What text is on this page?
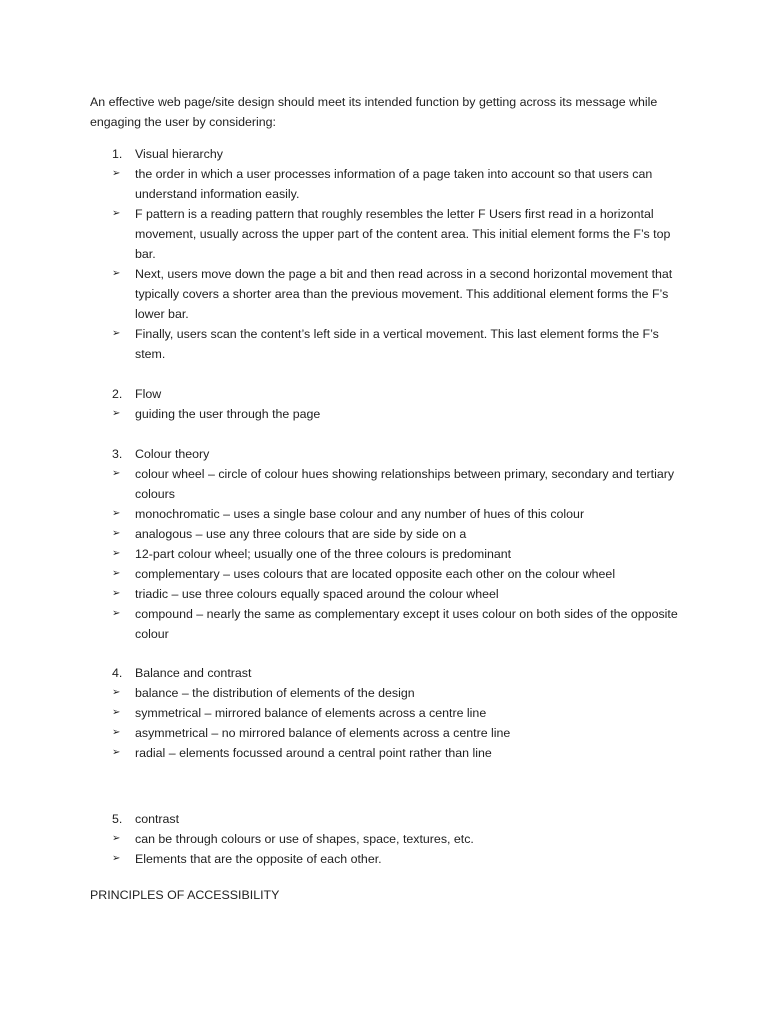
An effective web page/site design should meet its intended function by getting across its message while engaging the user by considering:

1.	Visual hierarchy
➢	the order in which a user processes information of a page taken into account so that users can understand information easily.
➢	F pattern is a reading pattern that roughly resembles the letter F Users first read in a horizontal movement, usually across the upper part of the content area. This initial element forms the F’s top bar.
➢	Next, users move down the page a bit and then read across in a second horizontal movement that typically covers a shorter area than the previous movement. This additional element forms the F’s lower bar.
➢	Finally, users scan the content’s left side in a vertical movement. This last element forms the F’s stem.
2.	Flow
➢	guiding the user through the page
3.	Colour theory
➢	colour wheel – circle of colour hues showing relationships between primary, secondary and tertiary colours
➢	monochromatic – uses a single base colour and any number of hues of this colour
➢	analogous – use any three colours that are side by side on a
➢	12-part colour wheel; usually one of the three colours is predominant
➢	complementary – uses colours that are located opposite each other on the colour wheel
➢	triadic – use three colours equally spaced around the colour wheel
➢	compound – nearly the same as complementary except it uses colour on both sides of the opposite colour
4.	Balance and contrast
➢	balance – the distribution of elements of the design
➢	symmetrical – mirrored balance of elements across a centre line
➢	asymmetrical – no mirrored balance of elements across a centre line
➢	radial – elements focussed around a central point rather than line
5.	contrast
➢	can be through colours or use of shapes, space, textures, etc.
➢	Elements that are the opposite of each other.

PRINCIPLES OF ACCESSIBILITY
